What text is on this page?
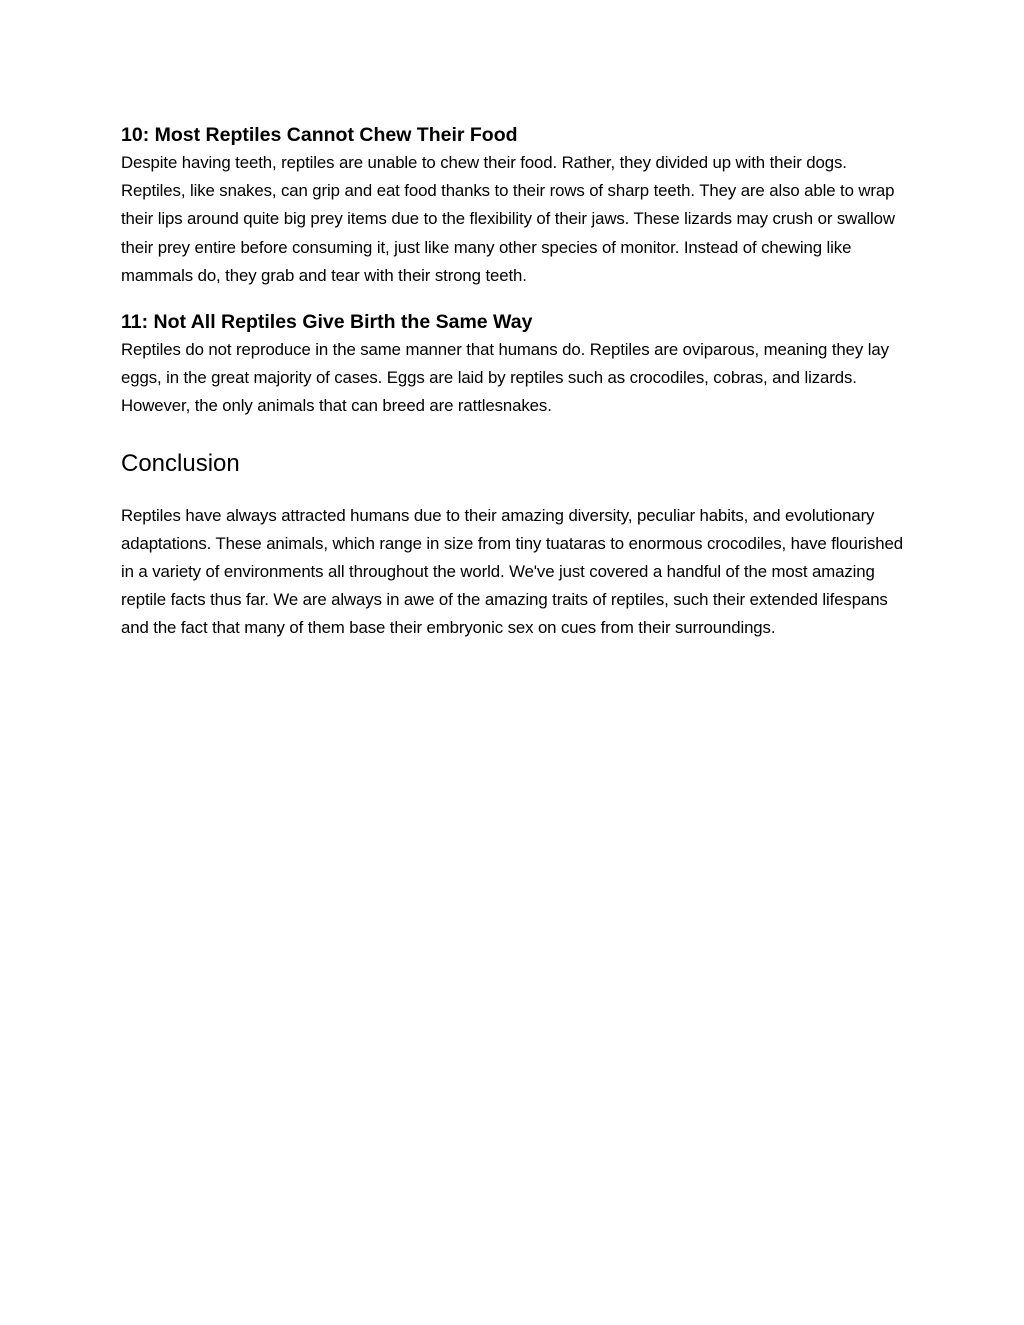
10: Most Reptiles Cannot Chew Their Food

Despite having teeth, reptiles are unable to chew their food. Rather, they divided up with their dogs. Reptiles, like snakes, can grip and eat food thanks to their rows of sharp teeth. They are also able to wrap their lips around quite big prey items due to the flexibility of their jaws. These lizards may crush or swallow their prey entire before consuming it, just like many other species of monitor. Instead of chewing like mammals do, they grab and tear with their strong teeth.

11: Not All Reptiles Give Birth the Same Way

Reptiles do not reproduce in the same manner that humans do. Reptiles are oviparous, meaning they lay eggs, in the great majority of cases. Eggs are laid by reptiles such as crocodiles, cobras, and lizards. However, the only animals that can breed are rattlesnakes.

Conclusion

Reptiles have always attracted humans due to their amazing diversity, peculiar habits, and evolutionary adaptations. These animals, which range in size from tiny tuataras to enormous crocodiles, have flourished in a variety of environments all throughout the world. We've just covered a handful of the most amazing reptile facts thus far. We are always in awe of the amazing traits of reptiles, such their extended lifespans and the fact that many of them base their embryonic sex on cues from their surroundings.
